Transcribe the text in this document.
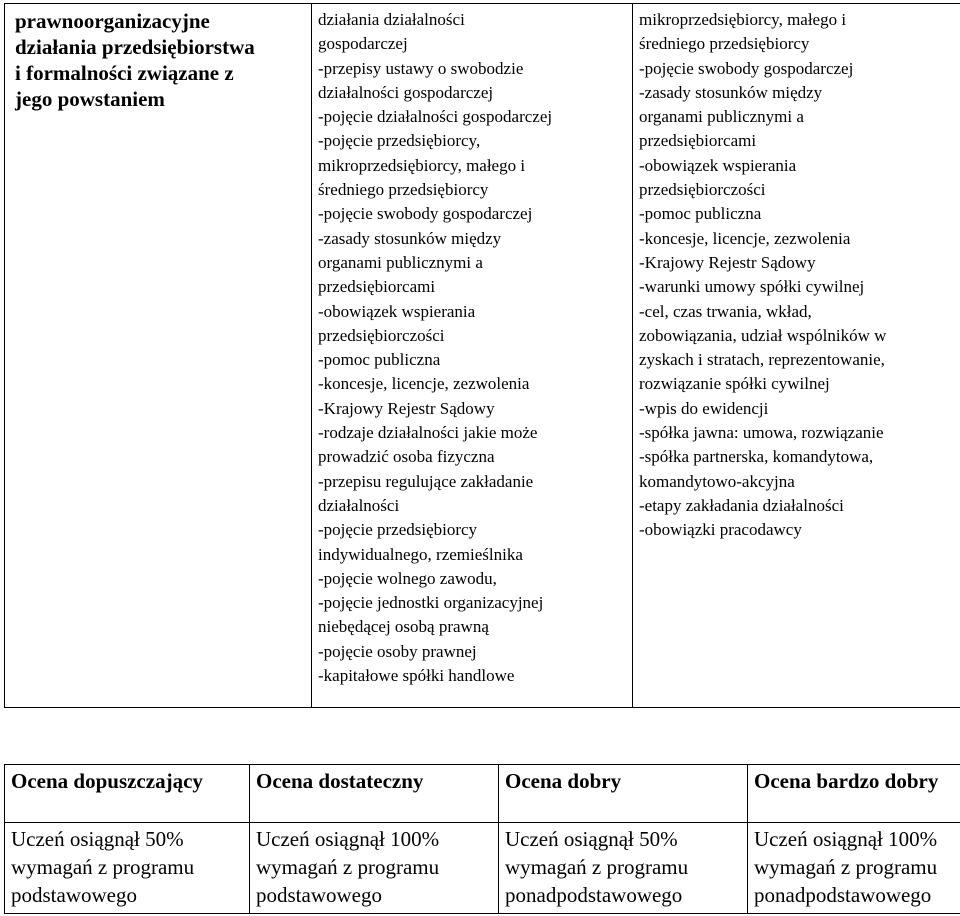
prawnoorganizacyjne
działania przedsiębiorstwa
i formalności związane z
jego powstaniem

działania działalności
gospodarczej
-przepisy ustawy o swobodzie
działalności gospodarczej
-pojęcie działalności gospodarczej
-pojęcie przedsiębiorcy,
mikroprzedsiębiorcy, małego i
średniego przedsiębiorcy
-pojęcie swobody gospodarczej
-zasady stosunków między
organami publicznymi a
przedsiębiorcami
-obowiązek wspierania
przedsiębiorczości
-pomoc publiczna
-koncesje, licencje, zezwolenia
-Krajowy Rejestr Sądowy
-rodzaje działalności jakie może
prowadzić osoba fizyczna
-przepisu regulujące zakładanie
działalności
-pojęcie przedsiębiorcy
indywidualnego, rzemieślnika
-pojęcie wolnego zawodu,
-pojęcie jednostki organizacyjnej
niebędącej osobą prawną
-pojęcie osoby prawnej
-kapitałowe spółki handlowe

mikroprzedsiębiorcy, małego i
średniego przedsiębiorcy
-pojęcie swobody gospodarczej
-zasady stosunków między
organami publicznymi a
przedsiębiorcami
-obowiązek wspierania
przedsiębiorczości
-pomoc publiczna
-koncesje, licencje, zezwolenia
-Krajowy Rejestr Sądowy
-warunki umowy spółki cywilnej
-cel, czas trwania, wkład,
zobowiązania, udział wspólników w
zyskach i stratach, reprezentowanie,
rozwiązanie spółki cywilnej
-wpis do ewidencji
-spółka jawna: umowa, rozwiązanie
-spółka partnerska, komandytowa,
komandytowo-akcyjna
-etapy zakładania działalności
-obowiązki pracodawcy
Ocena dopuszczający	Ocena dostateczny	Ocena dobry	Ocena bardzo dobry
Uczeń osiągnął 50% wymagań z programu podstawowego	Uczeń osiągnął 100% wymagań z programu podstawowego	Uczeń osiągnął 50% wymagań z programu ponadpodstawowego	Uczeń osiągnął 100% wymagań z programu ponadpodstawowego
